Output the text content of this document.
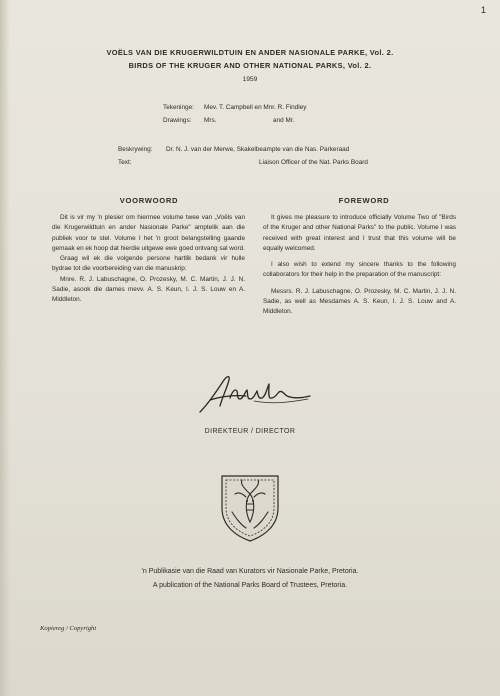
1
VOËLS VAN DIE KRUGERWILDTUIN EN ANDER NASIONALE PARKE, Vol. 2.
BIRDS OF THE KRUGER AND OTHER NATIONAL PARKS, Vol. 2.
1959
Tekeninge: Mev. T. Campbell en Mnr. R. Findley
Drawings: Mrs.	and Mr.
Beskrywing: Dr. N. J. van der Merwe, Skakelbeampte van die Nas. Parkeraad
Text:	Liaison Officer of the Nat. Parks Board
VOORWOORD	FOREWORD

Dit is vir my 'n plesier om hiermee volume twee van „Voëls van die Krugerwildtuin en ander Nasionale Parke" amptelik aan die publiek voor te stel. Volume I het 'n groot belangstelling gaande gemaak en ek hoop dat hierdie uitgewe ewe goed ontvang sal word.

Graag wil ek die volgende persone hartlik bedank vir hulle bydrae tot die voorbereiding van die manuskrip:

Mnre. R. J. Labuschagne, O. Prozesky, M. C. Martin, J. J. N. Sadie, asook die dames mevv. A. S. Keun, I. J. S. Louw en A. Middleton.

It gives me pleasure to introduce officially Volume Two of "Birds of the Kruger and other National Parks" to the public. Volume I was received with great interest and I trust that this volume will be equally welcomed.

I also wish to extend my sincere thanks to the following collaborators for their help in the preparation of the manuscript:

Messrs. R. J. Labuschagne, O. Prozesky, M. C. Martin, J. J. N. Sadie, as well as Mesdames A. S. Keun, I. J. S. Louw and A. Middleton.

DIREKTEUR / DIRECTOR
'n Publikasie van die Raad van Kurators vir Nasionale Parke, Pretoria.
A publication of the National Parks Board of Trustees, Pretoria.
Kopiereg / Copyright
